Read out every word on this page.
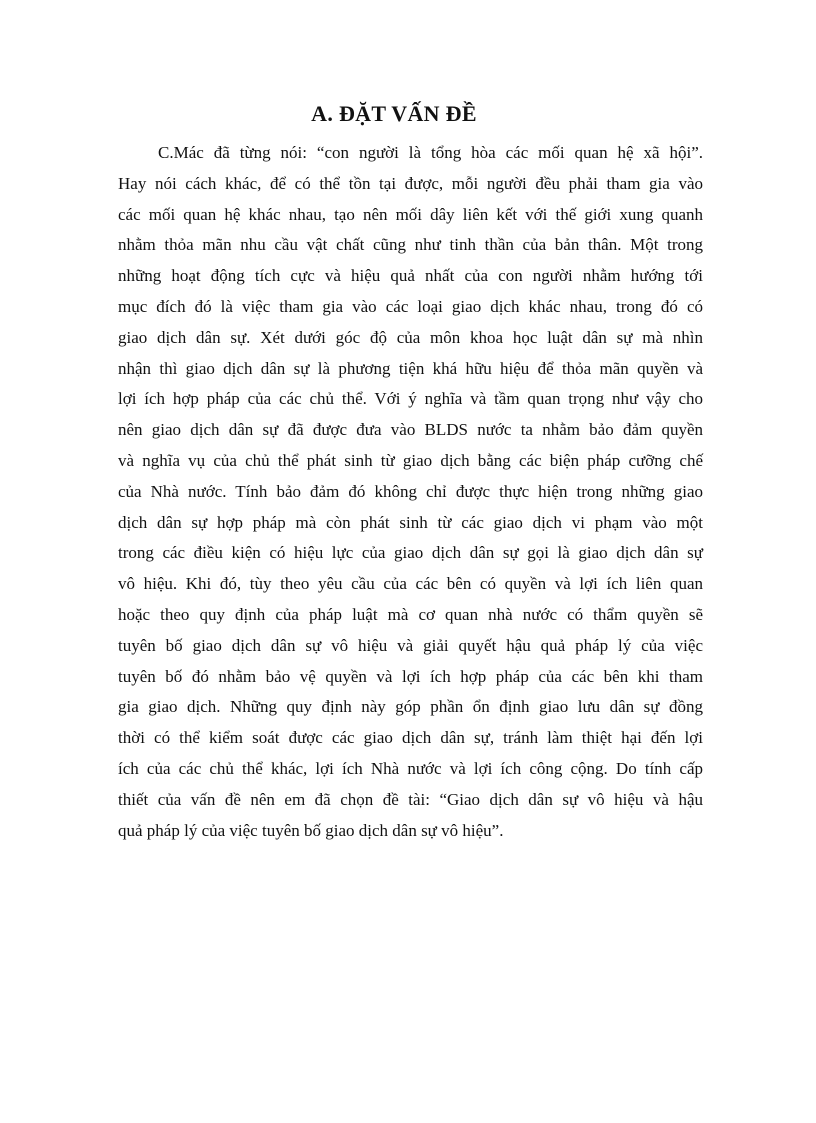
A. ĐẶT VẤN ĐỀ
C.Mác đã từng nói: “con người là tổng hòa các mối quan hệ xã hội”.
Hay nói cách khác, để có thể tồn tại được, mỗi người đều phải tham gia vào
các mối quan hệ khác nhau, tạo nên mối dây liên kết với thế giới xung quanh
nhằm thỏa mãn nhu cầu vật chất cũng như tinh thần của bản thân. Một trong
những hoạt động tích cực và hiệu quả nhất của con người nhằm hướng tới
mục đích đó là việc tham gia vào các loại giao dịch khác nhau, trong đó có
giao dịch dân sự. Xét dưới góc độ của môn khoa học luật dân sự mà nhìn
nhận thì giao dịch dân sự là phương tiện khá hữu hiệu để thỏa mãn quyền và
lợi ích hợp pháp của các chủ thể. Với ý nghĩa và tầm quan trọng như vậy cho
nên giao dịch dân sự đã được đưa vào BLDS nước ta nhằm bảo đảm quyền
và nghĩa vụ của chủ thể phát sinh từ giao dịch bằng các biện pháp cưỡng chế
của Nhà nước. Tính bảo đảm đó không chỉ được thực hiện trong những giao
dịch dân sự hợp pháp mà còn phát sinh từ các giao dịch vi phạm vào một
trong các điều kiện có hiệu lực của giao dịch dân sự gọi là giao dịch dân sự
vô hiệu. Khi đó, tùy theo yêu cầu của các bên có quyền và lợi ích liên quan
hoặc theo quy định của pháp luật mà cơ quan nhà nước có thẩm quyền sẽ
tuyên bố giao dịch dân sự vô hiệu và giải quyết hậu quả pháp lý của việc
tuyên bố đó nhằm bảo vệ quyền và lợi ích hợp pháp của các bên khi tham
gia giao dịch. Những quy định này góp phần ổn định giao lưu dân sự đồng
thời có thể kiểm soát được các giao dịch dân sự, tránh làm thiệt hại đến lợi
ích của các chủ thể khác, lợi ích Nhà nước và lợi ích công cộng. Do tính cấp
thiết của vấn đề nên em đã chọn đề tài: “Giao dịch dân sự vô hiệu và hậu
quả pháp lý của việc tuyên bố giao dịch dân sự vô hiệu”.
